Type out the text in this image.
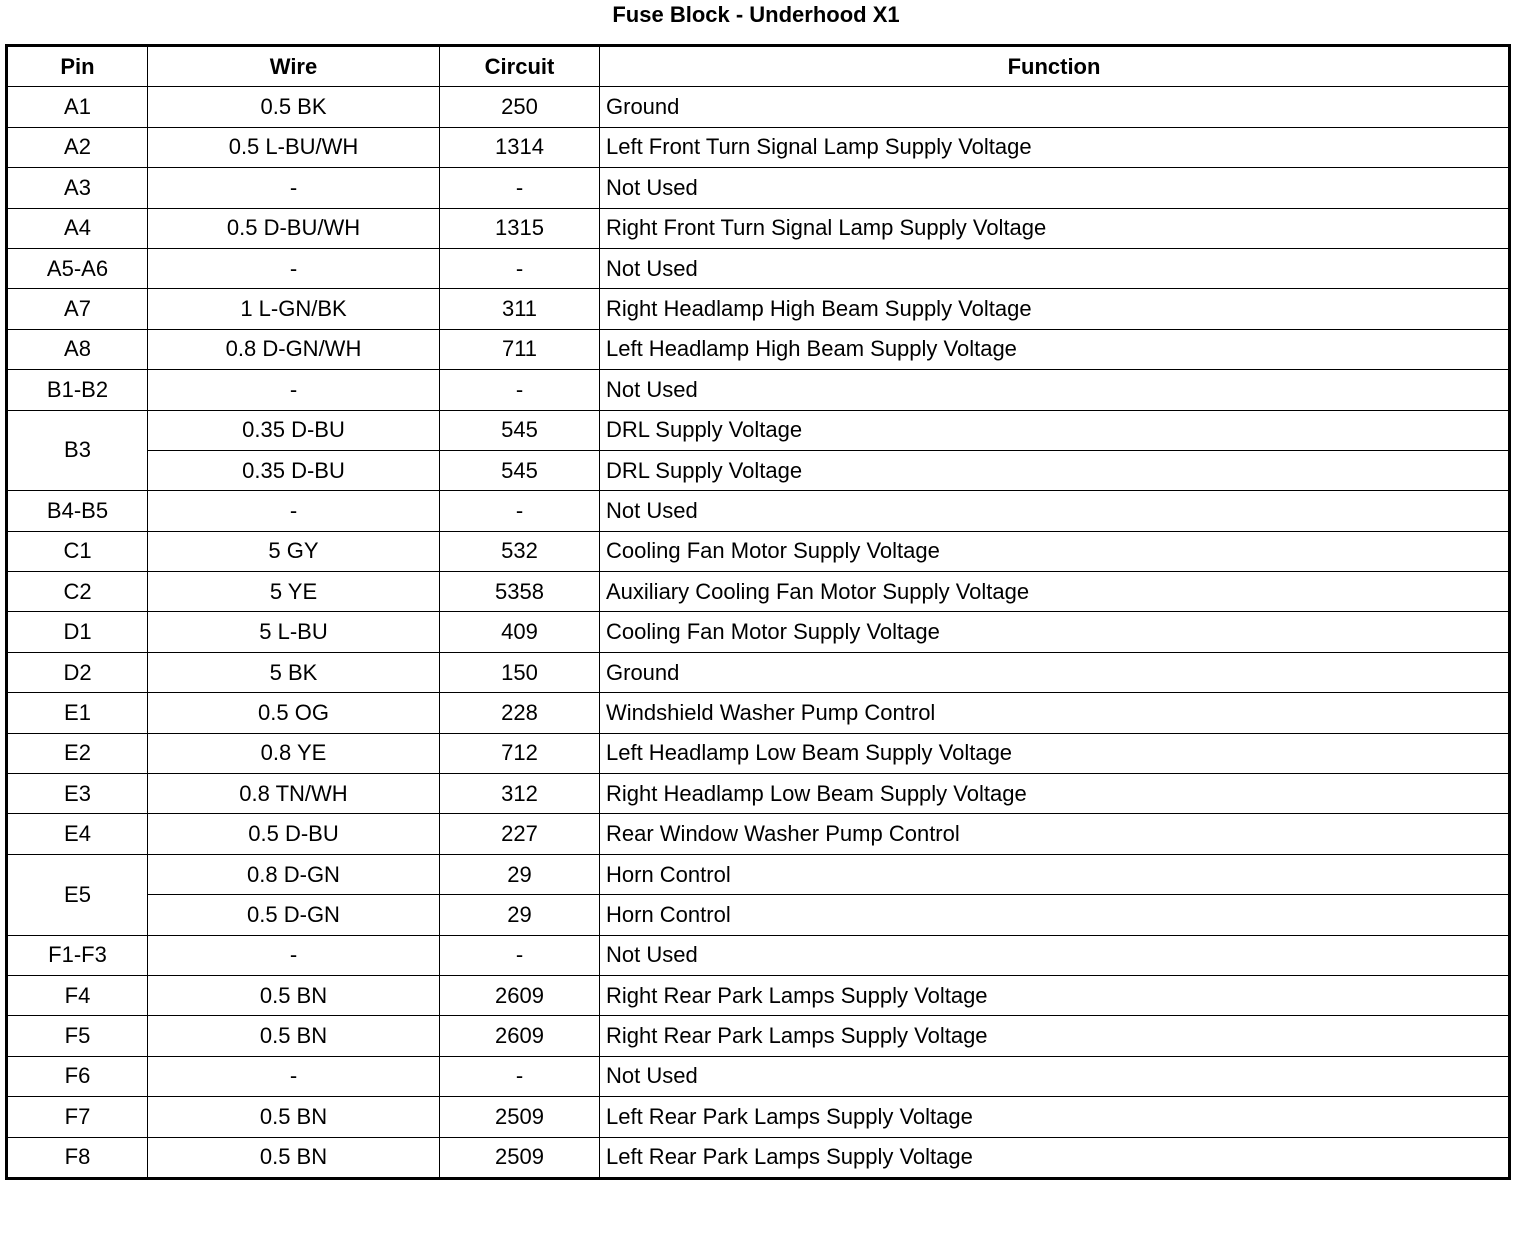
Fuse Block - Underhood X1
Pin	Wire	Circuit	Function
A1	0.5 BK	250	Ground
A2	0.5 L-BU/WH	1314	Left Front Turn Signal Lamp Supply Voltage
A3	-	-	Not Used
A4	0.5 D-BU/WH	1315	Right Front Turn Signal Lamp Supply Voltage
A5-A6	-	-	Not Used
A7	1 L-GN/BK	311	Right Headlamp High Beam Supply Voltage
A8	0.8 D-GN/WH	711	Left Headlamp High Beam Supply Voltage
B1-B2	-	-	Not Used
B3	0.35 D-BU	545	DRL Supply Voltage
	0.35 D-BU	545	DRL Supply Voltage
B4-B5	-	-	Not Used
C1	5 GY	532	Cooling Fan Motor Supply Voltage
C2	5 YE	5358	Auxiliary Cooling Fan Motor Supply Voltage
D1	5 L-BU	409	Cooling Fan Motor Supply Voltage
D2	5 BK	150	Ground
E1	0.5 OG	228	Windshield Washer Pump Control
E2	0.8 YE	712	Left Headlamp Low Beam Supply Voltage
E3	0.8 TN/WH	312	Right Headlamp Low Beam Supply Voltage
E4	0.5 D-BU	227	Rear Window Washer Pump Control
E5	0.8 D-GN	29	Horn Control
	0.5 D-GN	29	Horn Control
F1-F3	-	-	Not Used
F4	0.5 BN	2609	Right Rear Park Lamps Supply Voltage
F5	0.5 BN	2609	Right Rear Park Lamps Supply Voltage
F6	-	-	Not Used
F7	0.5 BN	2509	Left Rear Park Lamps Supply Voltage
F8	0.5 BN	2509	Left Rear Park Lamps Supply Voltage
